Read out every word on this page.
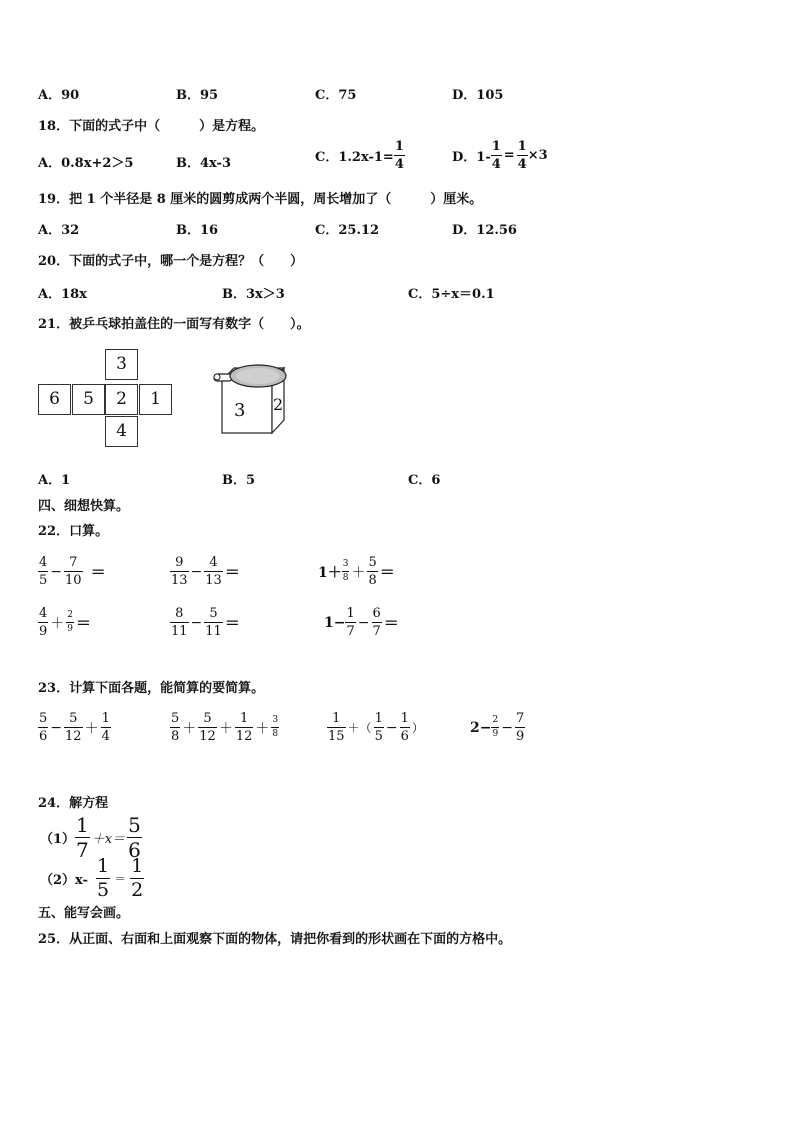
A．90	B．95	C．75	D．105
18．下面的式子中（　　　）是方程。
A．0.8x+2＞5	B．4x-3	C．$1.2x-1= \frac{1}{4}$	D．$1- \frac{1}{4} = \frac{1}{4} \times 3$
19．把 1 个半径是 8 厘米的圆剪成两个半圆，周长增加了（　　　）厘米。
A．32	B．16	C．25.12	D．12.56
20．下面的式子中，哪一个是方程？（　　）
A．18x	B．3x＞3	C．5÷x＝0.1
21．被乒乓球拍盖住的一面写有数字（　　）。
3
6	5	2	1
4
3 2
A．1	B．5	C．6
四、细想快算。
22．口算。
$\frac{4}{5} - \frac{7}{10}$ ＝	$\frac{9}{13} - \frac{4}{13}$ ＝	$1+ \frac{3}{8} + \frac{5}{8}$ ＝
$\frac{4}{9} + \frac{2}{9}$ ＝	$\frac{8}{11} - \frac{5}{11}$ ＝	$1- \frac{1}{7} - \frac{6}{7}$ ＝
23．计算下面各题，能简算的要简算。
$\frac{5}{6} - \frac{5}{12} + \frac{1}{4}$	$\frac{5}{8} + \frac{5}{12} + \frac{1}{12} + \frac{3}{8}$	$\frac{1}{15}$ ＋（ $\frac{1}{5} - \frac{1}{6}$ ）	$2- \frac{2}{9} - \frac{7}{9}$
24．解方程
$(1) \frac{1}{7} +x= \frac{5}{6}$
$(2)x- \frac{1}{5} = \frac{1}{2}$
五、能写会画。
25．从正面、右面和上面观察下面的物体，请把你看到的形状画在下面的方格中。
